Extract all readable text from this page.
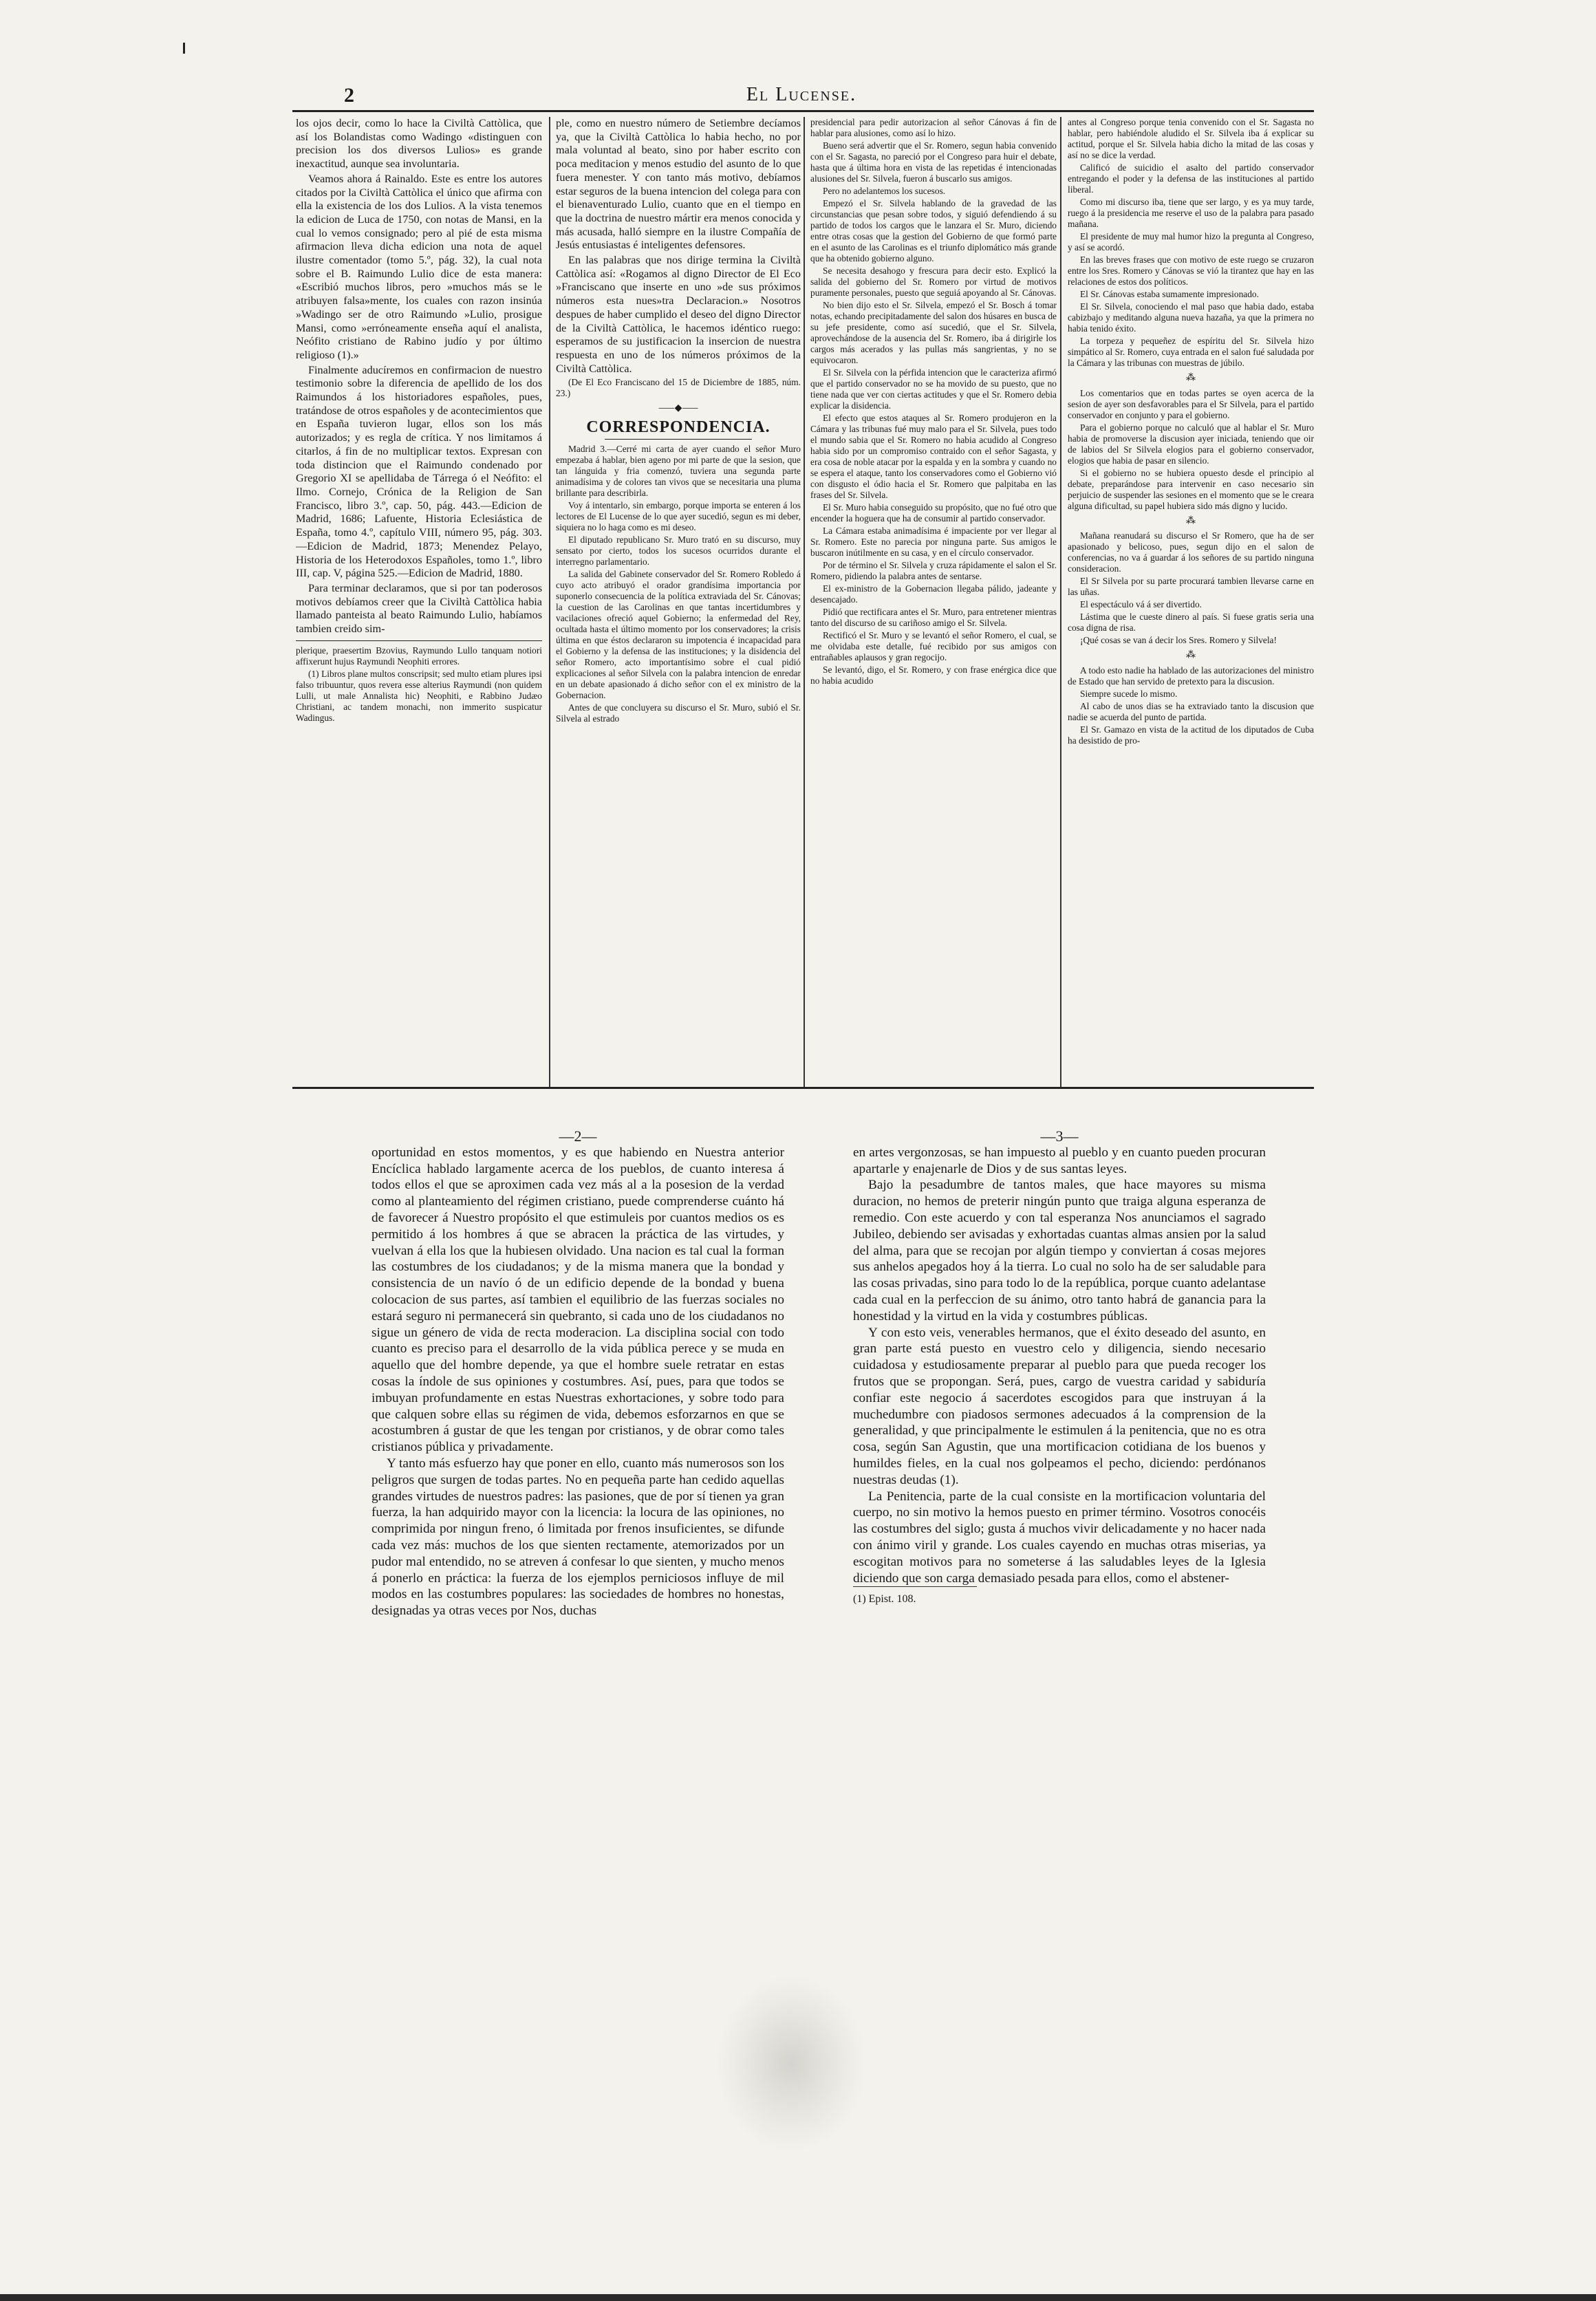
2	El Lucense.

los ojos decir, como lo hace la Civiltà Cattòlica, que así los Bolandistas como Wadingo «distinguen con precision los dos diversos Lulios» es grande inexactitud, aunque sea involuntaria.

Veamos ahora á Rainaldo. Este es entre los autores citados por la Civiltà Cattòlica el único que afirma con ella la existencia de los dos Lulios. A la vista tenemos la edicion de Luca de 1750, con notas de Mansi, en la cual lo vemos consignado; pero al pié de esta misma afirmacion lleva dicha edicion una nota de aquel ilustre comentador (tomo 5.º, pág. 32), la cual nota sobre el B. Raimundo Lulio dice de esta manera: «Escribió muchos libros, pero »muchos más se le atribuyen falsa»mente, los cuales con razon insinúa »Wadingo ser de otro Raimundo »Lulio, prosigue Mansi, como »erróneamente enseña aquí el analista, Neófito cristiano de Rabino judío y por último religioso (1).»

Finalmente aducíremos en confirmacion de nuestro testimonio sobre la diferencia de apellido de los dos Raimundos á los historiadores españoles, pues, tratándose de otros españoles y de acontecimientos que en España tuvieron lugar, ellos son los más autorizados; y es regla de crítica. Y nos limitamos á citarlos, á fin de no multiplicar textos. Expresan con toda distincion que el Raimundo condenado por Gregorio XI se apellidaba de Tárrega ó el Neófito: el Ilmo. Cornejo, Crónica de la Religion de San Francisco, libro 3.º, cap. 50, pág. 443.—Edicion de Madrid, 1686; Lafuente, Historia Eclesiástica de España, tomo 4.º, capítulo VIII, número 95, pág. 303.—Edicion de Madrid, 1873; Menendez Pelayo, Historia de los Heterodoxos Españoles, tomo 1.º, libro III, cap. V, página 525.—Edicion de Madrid, 1880.

Para terminar declaramos, que si por tan poderosos motivos debíamos creer que la Civiltà Cattòlica habia llamado panteista al beato Raimundo Lulio, habíamos tambien creido sim-

plerique, praesertim Bzovius, Raymundo Lullo tanquam notiori affixerunt hujus Raymundi Neophiti errores.

(1) Libros plane multos conscripsit; sed multo etiam plures ipsi falso tribuuntur, quos revera esse alterius Raymundi (non quidem Lulli, ut male Annalista hic) Neophiti, e Rabbino Judæo Christiani, ac tandem monachi, non immerito suspicatur Wadingus.

ple, como en nuestro número de Setiembre decíamos ya, que la Civiltà Cattòlica lo habia hecho, no por mala voluntad al beato, sino por haber escrito con poca meditacion y menos estudio del asunto de lo que fuera menester. Y con tanto más motivo, debíamos estar seguros de la buena intencion del colega para con el bienaventurado Lulio, cuanto que en el tiempo en que la doctrina de nuestro mártir era menos conocida y más acusada, halló siempre en la ilustre Compañía de Jesús entusiastas é inteligentes defensores.

En las palabras que nos dirige termina la Civiltà Cattòlica así: «Rogamos al digno Director de El Eco »Franciscano que inserte en uno »de sus próximos números esta nues»tra Declaracion.» Nosotros despues de haber cumplido el deseo del digno Director de la Civiltà Cattòlica, le hacemos idéntico ruego: esperamos de su justificacion la insercion de nuestra respuesta en uno de los números próximos de la Civiltà Cattòlica.

(De El Eco Franciscano del 15 de Diciembre de 1885, núm. 23.)

⸺◆⸺
CORRESPONDENCIA.

Madrid 3.—Cerré mi carta de ayer cuando el señor Muro empezaba á hablar, bien ageno por mi parte de que la sesion, que tan lánguida y fria comenzó, tuviera una segunda parte animadísima y de colores tan vivos que se necesitaria una pluma brillante para describirla.

Voy á intentarlo, sin embargo, porque importa se enteren á los lectores de El Lucense de lo que ayer sucedió, segun es mi deber, siquiera no lo haga como es mi deseo.

El diputado republicano Sr. Muro trató en su discurso, muy sensato por cierto, todos los sucesos ocurridos durante el interregno parlamentario.

La salida del Gabinete conservador del Sr. Romero Robledo á cuyo acto atribuyó el orador grandísima importancia por suponerlo consecuencia de la política extraviada del Sr. Cánovas; la cuestion de las Carolinas en que tantas incertidumbres y vacilaciones ofreció aquel Gobierno; la enfermedad del Rey, ocultada hasta el último momento por los conservadores; la crisis última en que éstos declararon su impotencia é incapacidad para el Gobierno y la defensa de las instituciones; y la disidencia del señor Romero, acto importantísimo sobre el cual pidió explicaciones al señor Silvela con la palabra intencion de enredar en un debate apasionado á dicho señor con el ex ministro de la Gobernacion.

Antes de que concluyera su discurso el Sr. Muro, subió el Sr. Silvela al estrado

presidencial para pedir autorizacion al señor Cánovas á fin de hablar para alusiones, como así lo hizo.

Bueno será advertir que el Sr. Romero, segun habia convenido con el Sr. Sagasta, no pareció por el Congreso para huir el debate, hasta que á última hora en vista de las repetidas é intencionadas alusiones del Sr. Silvela, fueron á buscarlo sus amigos.

Pero no adelantemos los sucesos.

Empezó el Sr. Silvela hablando de la gravedad de las circunstancias que pesan sobre todos, y siguió defendiendo á su partido de todos los cargos que le lanzara el Sr. Muro, diciendo entre otras cosas que la gestion del Gobierno de que formó parte en el asunto de las Carolinas es el triunfo diplomático más grande que ha obtenido gobierno alguno.

Se necesita desahogo y frescura para decir esto. Explicó la salida del gobierno del Sr. Romero por virtud de motivos puramente personales, puesto que seguiá apoyando al Sr. Cánovas.

No bien dijo esto el Sr. Silvela, empezó el Sr. Bosch á tomar notas, echando precipitadamente del salon dos húsares en busca de su jefe presidente, como así sucedió, que el Sr. Silvela, aprovechándose de la ausencia del Sr. Romero, iba á dirigirle los cargos más acerados y las pullas más sangrientas, y no se equivocaron.

El Sr. Silvela con la pérfida intencion que le caracteriza afirmó que el partido conservador no se ha movido de su puesto, que no tiene nada que ver con ciertas actitudes y que el Sr. Romero debia explicar la disidencia.

El efecto que estos ataques al Sr. Romero produjeron en la Cámara y las tribunas fué muy malo para el Sr. Silvela, pues todo el mundo sabia que el Sr. Romero no habia acudido al Congreso habia sido por un compromiso contraido con el señor Sagasta, y era cosa de noble atacar por la espalda y en la sombra y cuando no se espera el ataque, tanto los conservadores como el Gobierno vió con disgusto el ódio hacia el Sr. Romero que palpitaba en las frases del Sr. Silvela.

El Sr. Muro habia conseguido su propósito, que no fué otro que encender la hoguera que ha de consumir al partido conservador.

La Cámara estaba animadísima é impaciente por ver llegar al Sr. Romero. Este no parecia por ninguna parte. Sus amigos le buscaron inútilmente en su casa, y en el círculo conservador.

Por de término el Sr. Silvela y cruza rápidamente el salon el Sr. Romero, pidiendo la palabra antes de sentarse.

El ex-ministro de la Gobernacion llegaba pálido, jadeante y desencajado.

Pidió que rectificara antes el Sr. Muro, para entretener mientras tanto del discurso de su cariñoso amigo el Sr. Silvela.

Rectificó el Sr. Muro y se levantó el señor Romero, el cual, se me olvidaba este detalle, fué recibido por sus amigos con entrañables aplausos y gran regocijo.

Se levantó, digo, el Sr. Romero, y con frase enérgica dice que no habia acudido

antes al Congreso porque tenia convenido con el Sr. Sagasta no hablar, pero habiéndole aludido el Sr. Silvela iba á explicar su actitud, porque el Sr. Silvela habia dicho la mitad de las cosas y así no se dice la verdad.

Calificó de suicidio el asalto del partido conservador entregando el poder y la defensa de las instituciones al partido liberal.

Como mi discurso iba, tiene que ser largo, y es ya muy tarde, ruego á la presidencia me reserve el uso de la palabra para pasado mañana.

El presidente de muy mal humor hizo la pregunta al Congreso, y así se acordó.

En las breves frases que con motivo de este ruego se cruzaron entre los Sres. Romero y Cánovas se vió la tirantez que hay en las relaciones de estos dos políticos.

El Sr. Cánovas estaba sumamente impresionado.

El Sr. Silvela, conociendo el mal paso que habia dado, estaba cabizbajo y meditando alguna nueva hazaña, ya que la primera no habia tenido éxito.

La torpeza y pequeñez de espíritu del Sr. Silvela hizo simpático al Sr. Romero, cuya entrada en el salon fué saludada por la Cámara y las tribunas con muestras de júbilo.

⁂

Los comentarios que en todas partes se oyen acerca de la sesion de ayer son desfavorables para el Sr Silvela, para el partido conservador en conjunto y para el gobierno.

Para el gobierno porque no calculó que al hablar el Sr. Muro habia de promoverse la discusion ayer iniciada, teniendo que oir de labios del Sr Silvela elogios para el gobierno conservador, elogios que habia de pasar en silencio.

Si el gobierno no se hubiera opuesto desde el principio al debate, preparándose para intervenir en caso necesario sin perjuicio de suspender las sesiones en el momento que se le creara alguna dificultad, su papel hubiera sido más digno y lucido.

⁂

Mañana reanudará su discurso el Sr Romero, que ha de ser apasionado y belicoso, pues, segun dijo en el salon de conferencias, no va á guardar á los señores de su partido ninguna consideracion.

El Sr Silvela por su parte procurará tambien llevarse carne en las uñas.

El espectáculo vá á ser divertido.

Lástima que le cueste dinero al país. Si fuese gratis seria una cosa digna de risa.

¡Qué cosas se van á decir los Sres. Romero y Silvela!

⁂

A todo esto nadie ha hablado de las autorizaciones del ministro de Estado que han servido de pretexto para la discusion.

Siempre sucede lo mismo.

Al cabo de unos dias se ha extraviado tanto la discusion que nadie se acuerda del punto de partida.

El Sr. Gamazo en vista de la actitud de los diputados de Cuba ha desistido de pro-

—2—

oportunidad en estos momentos, y es que habiendo en Nuestra anterior Encíclica hablado largamente acerca de los pueblos, de cuanto interesa á todos ellos el que se aproximen cada vez más al a la posesion de la verdad como al planteamiento del régimen cristiano, puede comprenderse cuánto há de favorecer á Nuestro propósito el que estimuleis por cuantos medios os es permitido á los hombres á que se abracen la práctica de las virtudes, y vuelvan á ella los que la hubiesen olvidado. Una nacion es tal cual la forman las costumbres de los ciudadanos; y de la misma manera que la bondad y consistencia de un navío ó de un edificio depende de la bondad y buena colocacion de sus partes, así tambien el equilibrio de las fuerzas sociales no estará seguro ni permanecerá sin quebranto, si cada uno de los ciudadanos no sigue un género de vida de recta moderacion. La disciplina social con todo cuanto es preciso para el desarrollo de la vida pública perece y se muda en aquello que del hombre depende, ya que el hombre suele retratar en estas cosas la índole de sus opiniones y costumbres. Así, pues, para que todos se imbuyan profundamente en estas Nuestras exhortaciones, y sobre todo para que calquen sobre ellas su régimen de vida, debemos esforzarnos en que se acostumbren á gustar de que les tengan por cristianos, y de obrar como tales cristianos pública y privadamente.

Y tanto más esfuerzo hay que poner en ello, cuanto más numerosos son los peligros que surgen de todas partes. No en pequeña parte han cedido aquellas grandes virtudes de nuestros padres: las pasiones, que de por sí tienen ya gran fuerza, la han adquirido mayor con la licencia: la locura de las opiniones, no comprimida por ningun freno, ó limitada por frenos insuficientes, se difunde cada vez más: muchos de los que sienten rectamente, atemorizados por un pudor mal entendido, no se atreven á confesar lo que sienten, y mucho menos á ponerlo en práctica: la fuerza de los ejemplos perniciosos influye de mil modos en las costumbres populares: las sociedades de hombres no honestas, designadas ya otras veces por Nos, duchas

—3—

en artes vergonzosas, se han impuesto al pueblo y en cuanto pueden procuran apartarle y enajenarle de Dios y de sus santas leyes.

Bajo la pesadumbre de tantos males, que hace mayores su misma duracion, no hemos de preterir ningún punto que traiga alguna esperanza de remedio. Con este acuerdo y con tal esperanza Nos anunciamos el sagrado Jubileo, debiendo ser avisadas y exhortadas cuantas almas ansien por la salud del alma, para que se recojan por algún tiempo y conviertan á cosas mejores sus anhelos apegados hoy á la tierra. Lo cual no solo ha de ser saludable para las cosas privadas, sino para todo lo de la república, porque cuanto adelantase cada cual en la perfeccion de su ánimo, otro tanto habrá de ganancia para la honestidad y la virtud en la vida y costumbres públicas.

Y con esto veis, venerables hermanos, que el éxito deseado del asunto, en gran parte está puesto en vuestro celo y diligencia, siendo necesario cuidadosa y estudiosamente preparar al pueblo para que pueda recoger los frutos que se propongan. Será, pues, cargo de vuestra caridad y sabiduría confiar este negocio á sacerdotes escogidos para que instruyan á la muchedumbre con piadosos sermones adecuados á la comprension de la generalidad, y que principalmente le estimulen á la penitencia, que no es otra cosa, según San Agustin, que una mortificacion cotidiana de los buenos y humildes fieles, en la cual nos golpeamos el pecho, diciendo: perdónanos nuestras deudas (1).

La Penitencia, parte de la cual consiste en la mortificacion voluntaria del cuerpo, no sin motivo la hemos puesto en primer término. Vosotros conocéis las costumbres del siglo; gusta á muchos vivir delicadamente y no hacer nada con ánimo viril y grande. Los cuales cayendo en muchas otras miserias, ya escogitan motivos para no someterse á las saludables leyes de la Iglesia diciendo que son carga demasiado pesada para ellos, como el abstener-

(1) Epist. 108.
